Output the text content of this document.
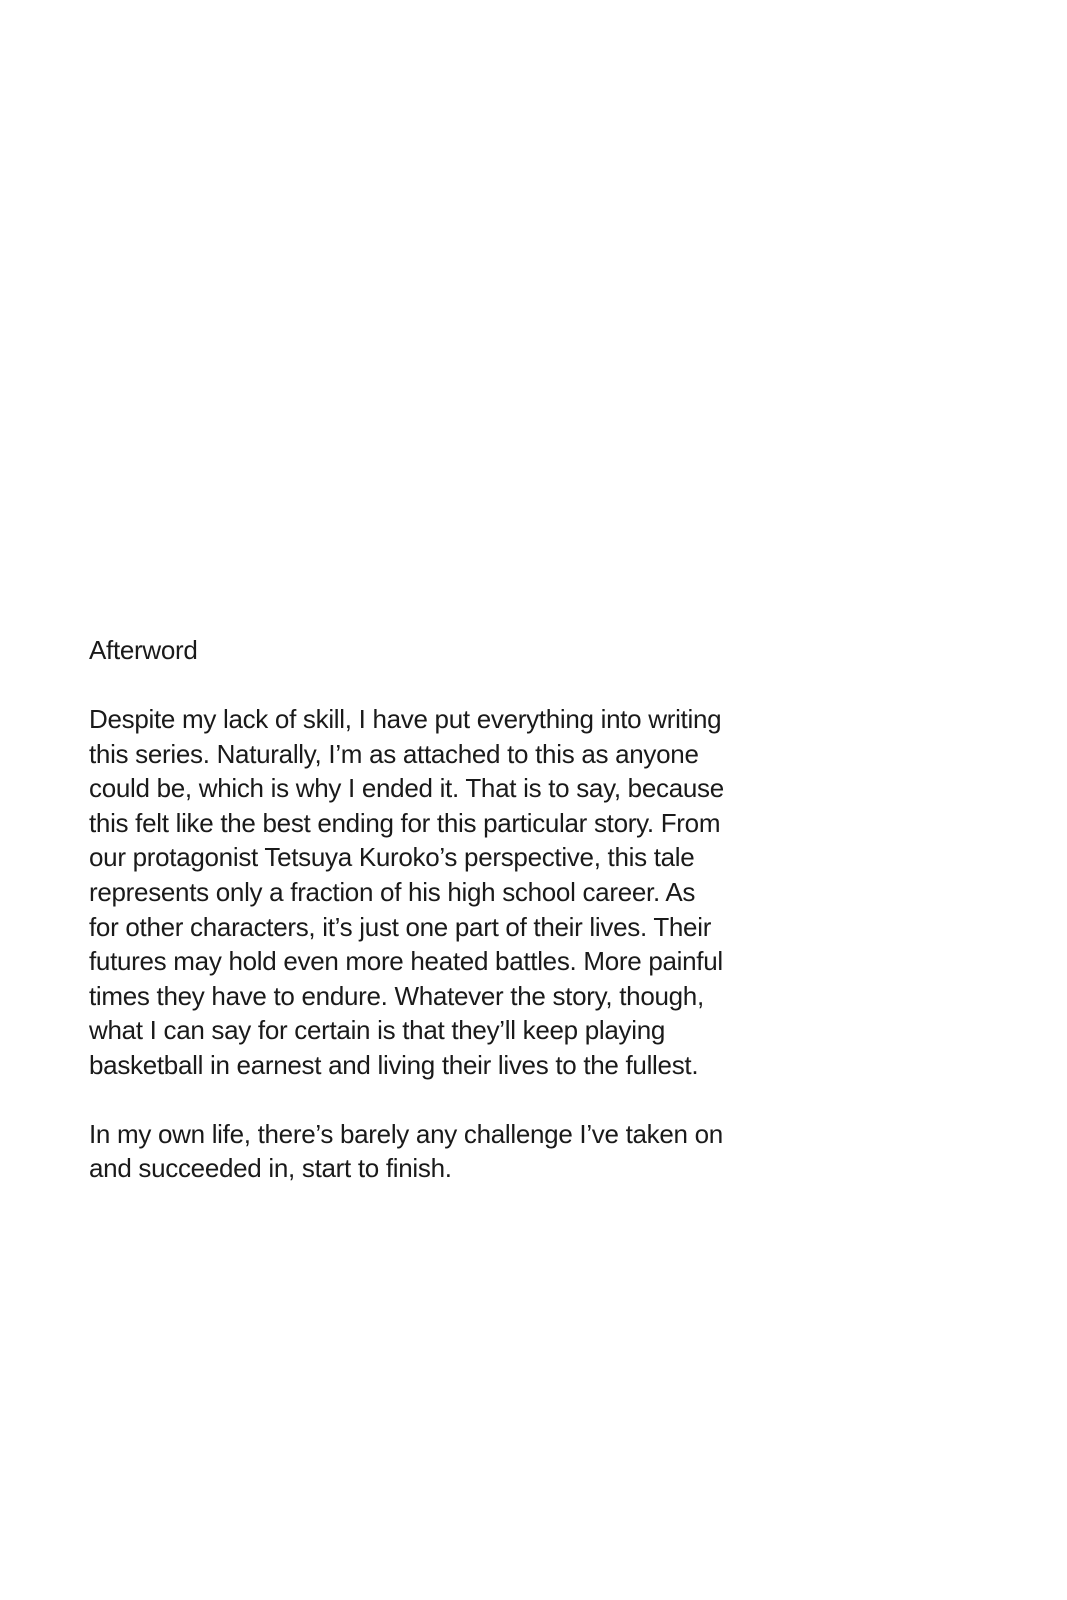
Afterword
Despite my lack of skill, I have put everything into writing
this series. Naturally, I’m as attached to this as anyone
could be, which is why I ended it. That is to say, because
this felt like the best ending for this particular story. From
our protagonist Tetsuya Kuroko’s perspective, this tale
represents only a fraction of his high school career. As
for other characters, it’s just one part of their lives. Their
futures may hold even more heated battles. More painful
times they have to endure. Whatever the story, though,
what I can say for certain is that they’ll keep playing
basketball in earnest and living their lives to the fullest.
In my own life, there’s barely any challenge I’ve taken on
and succeeded in, start to finish.
